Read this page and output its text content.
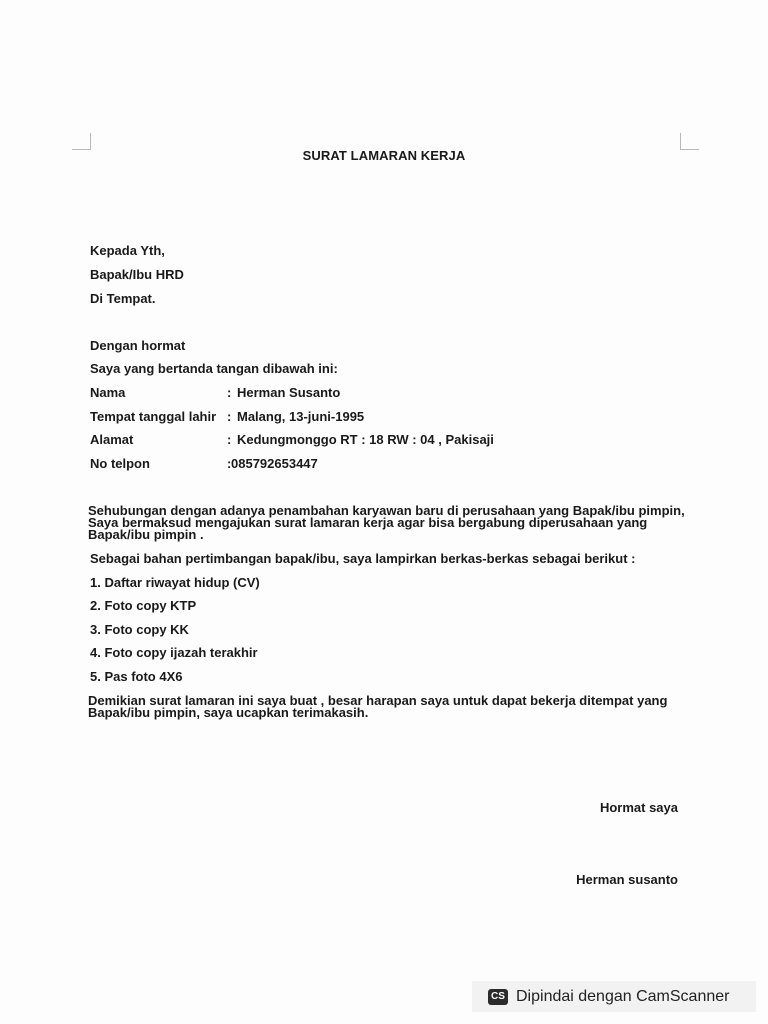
SURAT LAMARAN KERJA
Kepada Yth,
Bapak/Ibu HRD
Di Tempat.
Dengan hormat
Saya yang bertanda tangan dibawah ini:
Nama	: Herman Susanto
Tempat tanggal lahir : Malang, 13-juni-1995
Alamat	: Kedungmonggo RT : 18 RW : 04 , Pakisaji
No telpon	: 085792653447
Sehubungan dengan adanya penambahan karyawan baru di perusahaan yang Bapak/ibu pimpin, Saya bermaksud mengajukan surat lamaran kerja agar bisa bergabung diperusahaan yang Bapak/ibu pimpin .
Sebagai bahan pertimbangan bapak/ibu, saya lampirkan berkas-berkas sebagai berikut :
1. Daftar riwayat hidup (CV)
2. Foto copy KTP
3. Foto copy KK
4. Foto copy ijazah terakhir
5. Pas foto 4X6
Demikian surat lamaran ini saya buat , besar harapan saya untuk dapat bekerja ditempat yang Bapak/ibu pimpin, saya ucapkan terimakasih.
Hormat saya
Herman susanto
CS Dipindai dengan CamScanner
